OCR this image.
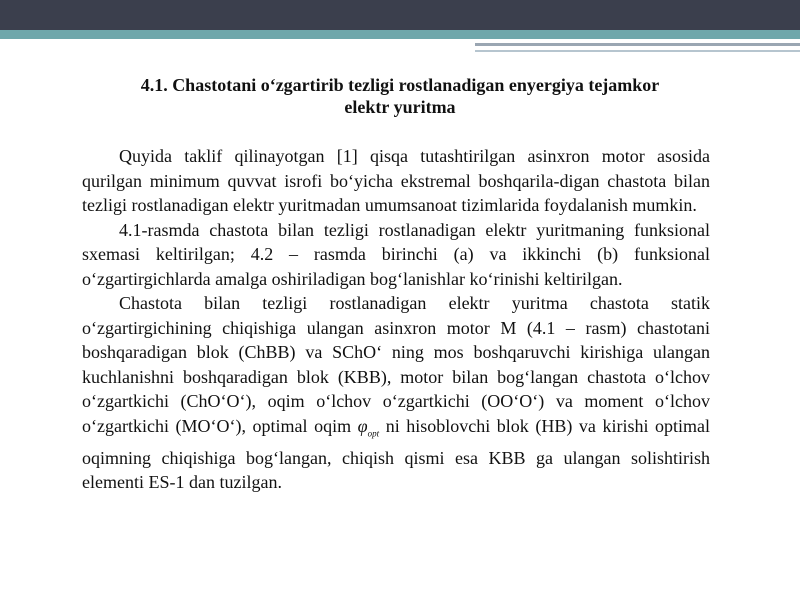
4.1. Chastotani o‘zgartirib tezligi rostlanadigan enyergiya tejamkor
elektr yuritma

Quyida taklif qilinayotgan [1] qisqa tutashtirilgan asinxron motor asosida qurilgan minimum quvvat isrofi bo‘yicha ekstremal boshqarila-digan chastota bilan tezligi rostlanadigan elektr yuritmadan umumsanoat tizimlarida foydalanish mumkin.

4.1-rasmda chastota bilan tezligi rostlanadigan elektr yuritmaning funksional sxemasi keltirilgan; 4.2 – rasmda birinchi (a) va ikkinchi (b) funksional o‘zgartirgichlarda amalga oshiriladigan bog‘lanishlar ko‘rinishi keltirilgan.

Chastota bilan tezligi rostlanadigan elektr yuritma chastota statik o‘zgartirgichining chiqishiga ulangan asinxron motor M (4.1 – rasm) chastotani boshqaradigan blok (ChBB) va SChO‘ ning mos boshqaruvchi kirishiga ulangan kuchlanishni boshqaradigan blok (KBB), motor bilan bog‘langan chastota o‘lchov o‘zgartkichi (ChO‘O‘), oqim o‘lchov o‘zgartkichi (OO‘O‘) va moment o‘lchov o‘zgartkichi (MO‘O‘), optimal oqim $\varphi_{opt}$ ni hisoblovchi blok (HB) va kirishi optimal oqimning chiqishiga bog‘langan, chiqish qismi esa KBB ga ulangan solishtirish elementi ES-1 dan tuzilgan.
